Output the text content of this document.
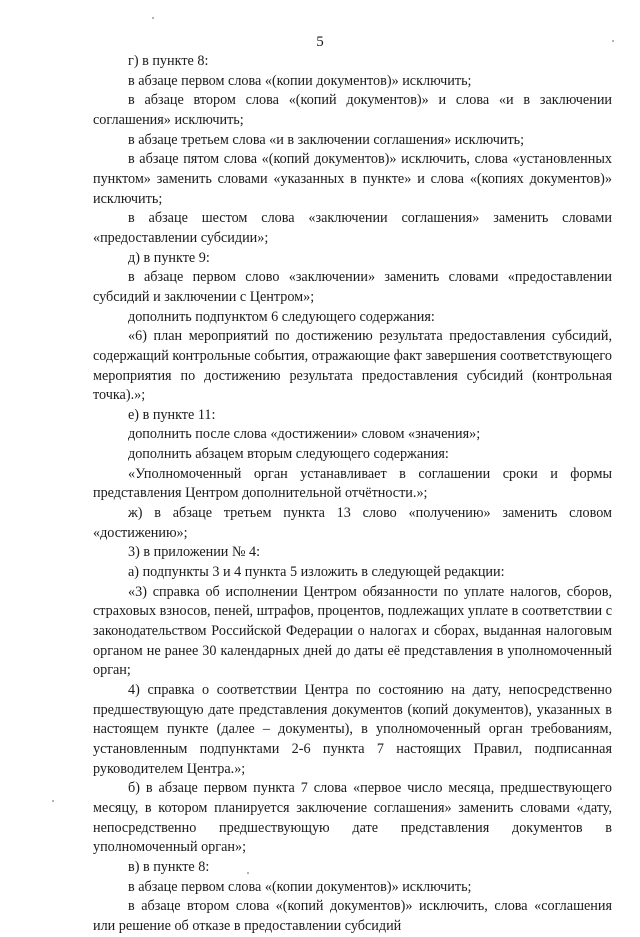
5

г) в пункте 8:

в абзаце первом слова «(копии документов)» исключить;

в абзаце втором слова «(копий документов)» и слова «и в заключении соглашения» исключить;

в абзаце третьем слова «и в заключении соглашения» исключить;

в абзаце пятом слова «(копий документов)» исключить, слова «установленных пунктом» заменить словами «указанных в пункте» и слова «(копиях документов)» исключить;

в абзаце шестом слова «заключении соглашения» заменить словами «предоставлении субсидии»;

д) в пункте 9:

в абзаце первом слово «заключении» заменить словами «предоставлении субсидий и заключении с Центром»;

дополнить подпунктом 6 следующего содержания:

«6) план мероприятий по достижению результата предоставления субсидий, содержащий контрольные события, отражающие факт завершения соответствующего мероприятия по достижению результата предоставления субсидий (контрольная точка).»;

е) в пункте 11:

дополнить после слова «достижении» словом «значения»;

дополнить абзацем вторым следующего содержания:

«Уполномоченный орган устанавливает в соглашении сроки и формы представления Центром дополнительной отчётности.»;

ж) в абзаце третьем пункта 13 слово «получению» заменить словом «достижению»;

3) в приложении № 4:

а) подпункты 3 и 4 пункта 5 изложить в следующей редакции:

«3) справка об исполнении Центром обязанности по уплате налогов, сборов, страховых взносов, пеней, штрафов, процентов, подлежащих уплате в соответствии с законодательством Российской Федерации о налогах и сборах, выданная налоговым органом не ранее 30 календарных дней до даты её представления в уполномоченный орган;

4) справка о соответствии Центра по состоянию на дату, непосредственно предшествующую дате представления документов (копий документов), указанных в настоящем пункте (далее – документы), в уполномоченный орган требованиям, установленным подпунктами 2-6 пункта 7 настоящих Правил, подписанная руководителем Центра.»;

б) в абзаце первом пункта 7 слова «первое число месяца, предшествующего месяцу, в котором планируется заключение соглашения» заменить словами «дату, непосредственно предшествующую дате представления документов в уполномоченный орган»;

в) в пункте 8:

в абзаце первом слова «(копии документов)» исключить;

в абзаце втором слова «(копий документов)» исключить, слова «соглашения или решение об отказе в предоставлении субсидий
